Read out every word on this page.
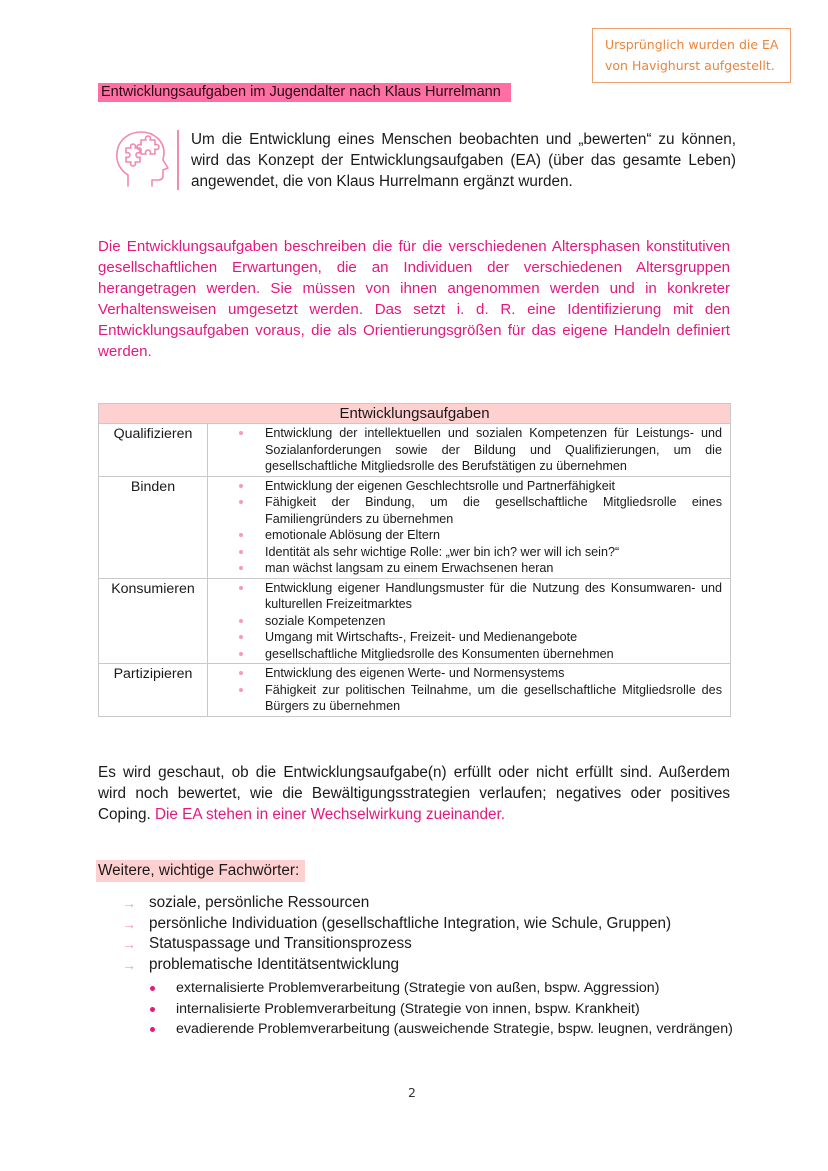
Ursprünglich wurden die EA
von Havighurst aufgestellt.
Entwicklungsaufgaben im Jugendalter nach Klaus Hurrelmann
Um die Entwicklung eines Menschen beobachten und „bewerten“ zu können, wird das Konzept der Entwicklungsaufgaben (EA) (über das gesamte Leben) angewendet, die von Klaus Hurrelmann ergänzt wurden.
Die Entwicklungsaufgaben beschreiben die für die verschiedenen Altersphasen konstitutiven gesellschaftlichen Erwartungen, die an Individuen der verschiedenen Altersgruppen herangetragen werden. Sie müssen von ihnen angenommen werden und in konkreter Verhaltensweisen umgesetzt werden. Das setzt i. d. R. eine Identifizierung mit den Entwicklungsaufgaben voraus, die als Orientierungsgrößen für das eigene Handeln definiert werden.
Entwicklungsaufgaben	
Qualifizieren	Entwicklung der intellektuellen und sozialen Kompetenzen für Leistungs- und Sozialanforderungen sowie der Bildung und Qualifizierungen, um die gesellschaftliche Mitgliedsrolle des Berufstätigen zu übernehmen

Binden	Entwicklung der eigenen Geschlechtsrolle und Partnerfähigkeit
Fähigkeit der Bindung, um die gesellschaftliche Mitgliedsrolle eines Familiengründers zu übernehmen
emotionale Ablösung der Eltern
Identität als sehr wichtige Rolle: „wer bin ich? wer will ich sein?“
man wächst langsam zu einem Erwachsenen heran

Konsumieren	Entwicklung eigener Handlungsmuster für die Nutzung des Konsumwaren- und kulturellen Freizeitmarktes
soziale Kompetenzen
Umgang mit Wirtschafts-, Freizeit- und Medienangebote
gesellschaftliche Mitgliedsrolle des Konsumenten übernehmen

Partizipieren	Entwicklung des eigenen Werte- und Normensystems
Fähigkeit zur politischen Teilnahme, um die gesellschaftliche Mitgliedsrolle des Bürgers zu übernehmen
Es wird geschaut, ob die Entwicklungsaufgabe(n) erfüllt oder nicht erfüllt sind. Außerdem wird noch bewertet, wie die Bewältigungsstrategien verlaufen; negatives oder positives Coping. Die EA stehen in einer Wechselwirkung zueinander.
Weitere, wichtige Fachwörter:
→ soziale, persönliche Ressourcen
→ persönliche Individuation (gesellschaftliche Integration, wie Schule, Gruppen)
→ Statuspassage und Transitionsprozess
→ problematische Identitätsentwicklung
externalisierte Problemverarbeitung (Strategie von außen, bspw. Aggression)
internalisierte Problemverarbeitung (Strategie von innen, bspw. Krankheit)
evadierende Problemverarbeitung (ausweichende Strategie, bspw. leugnen, verdrängen)
2
